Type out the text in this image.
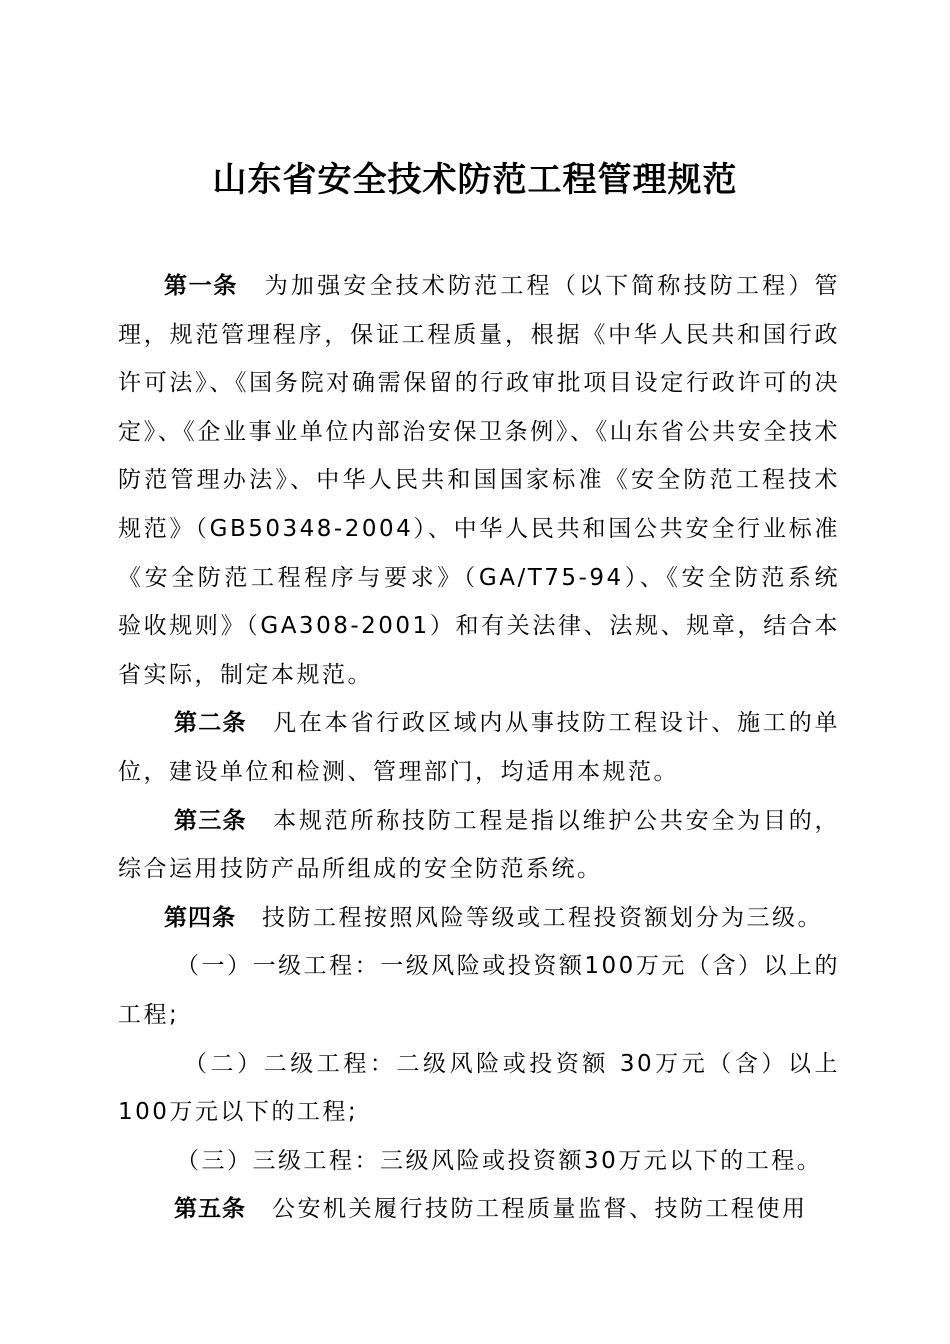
山东省安全技术防范工程管理规范

第一条 为加强安全技术防范工程（以下简称技防工程）管理，规范管理程序，保证工程质量，根据《中华人民共和国行政许可法》、《国务院对确需保留的行政审批项目设定行政许可的决定》、《企业事业单位内部治安保卫条例》、《山东省公共安全技术防范管理办法》、中华人民共和国国家标准《安全防范工程技术规范》（GB50348-2004）、中华人民共和国公共安全行业标准《安全防范工程程序与要求》（GA/T75-94）、《安全防范系统验收规则》（GA308-2001）和有关法律、法规、规章，结合本省实际，制定本规范。

第二条 凡在本省行政区域内从事技防工程设计、施工的单位，建设单位和检测、管理部门，均适用本规范。

第三条 本规范所称技防工程是指以维护公共安全为目的，综合运用技防产品所组成的安全防范系统。

第四条 技防工程按照风险等级或工程投资额划分为三级。

（一）一级工程：一级风险或投资额100万元（含）以上的工程;

（二）二级工程：二级风险或投资额 30万元（含）以上100万元以下的工程;

（三）三级工程：三级风险或投资额30万元以下的工程。

第五条 公安机关履行技防工程质量监督、技防工程使用
